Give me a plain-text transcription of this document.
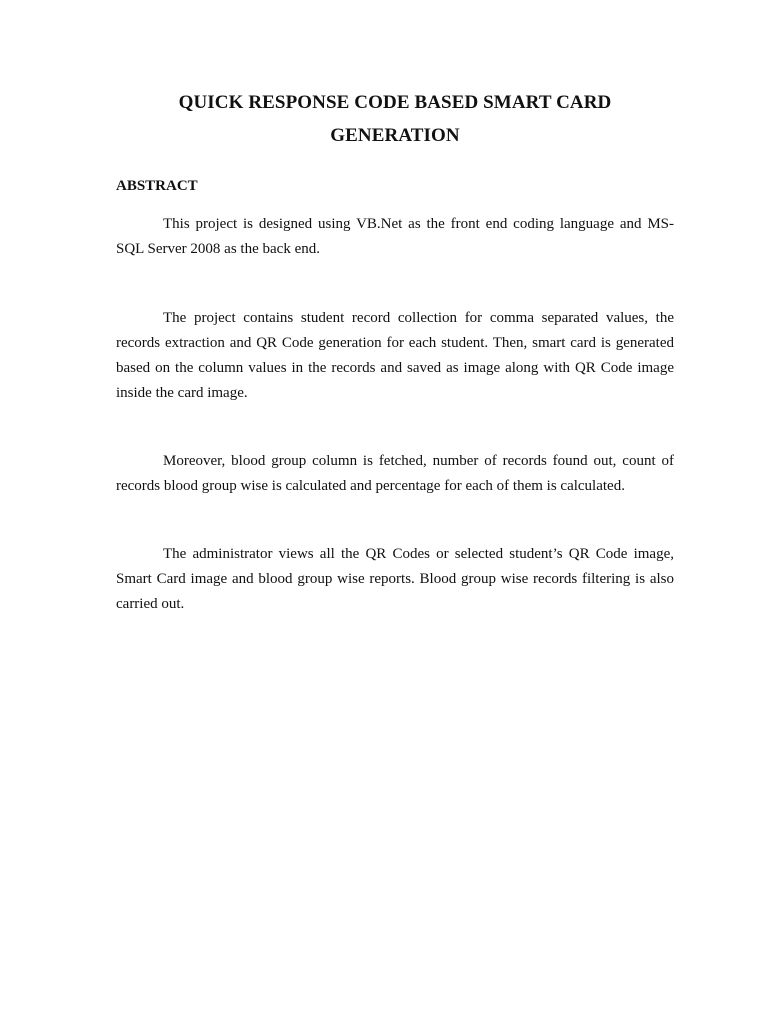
QUICK RESPONSE CODE BASED SMART CARD GENERATION
ABSTRACT

This project is designed using VB.Net as the front end coding language and MS-SQL Server 2008 as the back end.

The project contains student record collection for comma separated values, the records extraction and QR Code generation for each student. Then, smart card is generated based on the column values in the records and saved as image along with QR Code image inside the card image.

Moreover, blood group column is fetched, number of records found out, count of records blood group wise is calculated and percentage for each of them is calculated.

The administrator views all the QR Codes or selected student’s QR Code image, Smart Card image and blood group wise reports. Blood group wise records filtering is also carried out.
